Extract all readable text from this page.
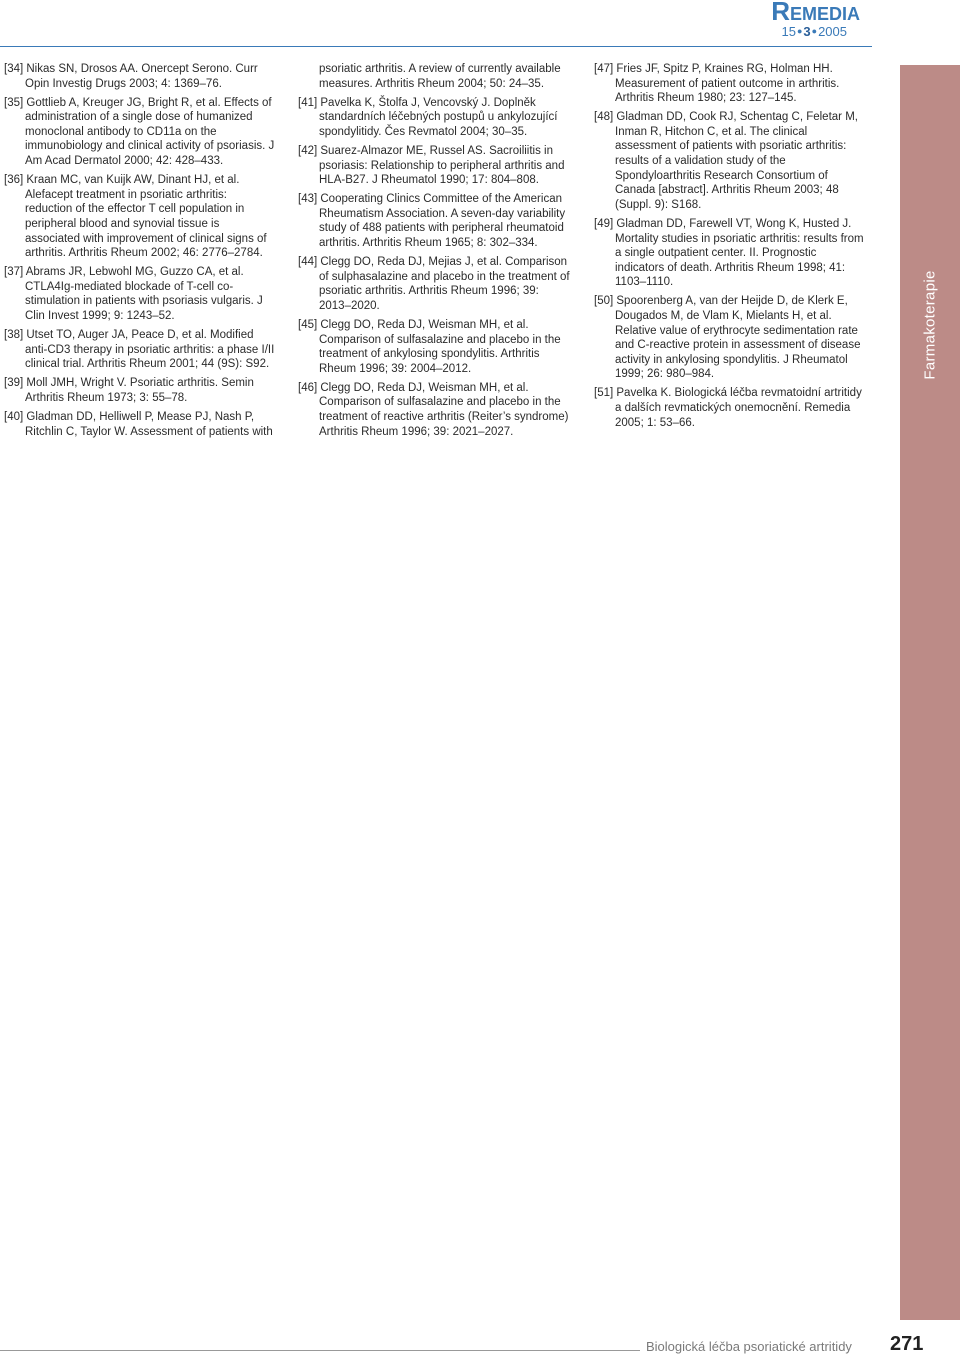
Remedia
15●3●2005
Farmakoterapie

[34] Nikas SN, Drosos AA. Onercept Serono. Curr Opin Investig Drugs 2003; 4: 1369–76.

[35] Gottlieb A, Kreuger JG, Bright R, et al. Effects of administration of a single dose of humanized monoclonal antibody to CD11a on the immunobiology and clinical activity of psoriasis. J Am Acad Dermatol 2000; 42: 428–433.

[36] Kraan MC, van Kuijk AW, Dinant HJ, et al. Alefacept treatment in psoriatic arthritis: reduction of the effector T cell population in peripheral blood and synovial tissue is associated with improvement of clinical signs of arthritis. Arthritis Rheum 2002; 46: 2776–2784.

[37] Abrams JR, Lebwohl MG, Guzzo CA, et al. CTLA4Ig-mediated blockade of T-cell co-stimulation in patients with psoriasis vulgaris. J Clin Invest 1999; 9: 1243–52.

[38] Utset TO, Auger JA, Peace D, et al. Modified anti-CD3 therapy in psoriatic arthritis: a phase I/II clinical trial. Arthritis Rheum 2001; 44 (9S): S92.

[39] Moll JMH, Wright V. Psoriatic arthritis. Semin Arthritis Rheum 1973; 3: 55–78.

[40] Gladman DD, Helliwell P, Mease PJ, Nash P, Ritchlin C, Taylor W. Assessment of patients with

psoriatic arthritis. A review of currently available measures. Arthritis Rheum 2004; 50: 24–35.

[41] Pavelka K, Štolfa J, Vencovský J. Doplněk standardních léčebných postupů u ankylozující spondylitidy. Čes Revmatol 2004; 30–35.

[42] Suarez-Almazor ME, Russel AS. Sacroiliitis in psoriasis: Relationship to peripheral arthritis and HLA-B27. J Rheumatol 1990; 17: 804–808.

[43] Cooperating Clinics Committee of the American Rheumatism Association. A seven-day variability study of 488 patients with peripheral rheumatoid arthritis. Arthritis Rheum 1965; 8: 302–334.

[44] Clegg DO, Reda DJ, Mejias J, et al. Comparison of sulphasalazine and placebo in the treatment of psoriatic arthritis. Arthritis Rheum 1996; 39: 2013–2020.

[45] Clegg DO, Reda DJ, Weisman MH, et al. Comparison of sulfasalazine and placebo in the treatment of ankylosing spondylitis. Arthritis Rheum 1996; 39: 2004–2012.

[46] Clegg DO, Reda DJ, Weisman MH, et al. Comparison of sulfasalazine and placebo in the treatment of reactive arthritis (Reiter’s syndrome) Arthritis Rheum 1996; 39: 2021–2027.

[47] Fries JF, Spitz P, Kraines RG, Holman HH. Measurement of patient outcome in arthritis. Arthritis Rheum 1980; 23: 127–145.

[48] Gladman DD, Cook RJ, Schentag C, Feletar M, Inman R, Hitchon C, et al. The clinical assessment of patients with psoriatic arthritis: results of a validation study of the Spondyloarthritis Research Consortium of Canada [abstract]. Arthritis Rheum 2003; 48 (Suppl. 9): S168.

[49] Gladman DD, Farewell VT, Wong K, Husted J. Mortality studies in psoriatic arthritis: results from a single outpatient center. II. Prognostic indicators of death. Arthritis Rheum 1998; 41: 1103–1110.

[50] Spoorenberg A, van der Heijde D, de Klerk E, Dougados M, de Vlam K, Mielants H, et al. Relative value of erythrocyte sedimentation rate and C-reactive protein in assessment of disease activity in ankylosing spondylitis. J Rheumatol 1999; 26: 980–984.

[51] Pavelka K. Biologická léčba revmatoidní artritidy a dalších revmatických onemocnění. Remedia 2005; 1: 53–66.

Biologická léčba psoriatické artritidy 271
